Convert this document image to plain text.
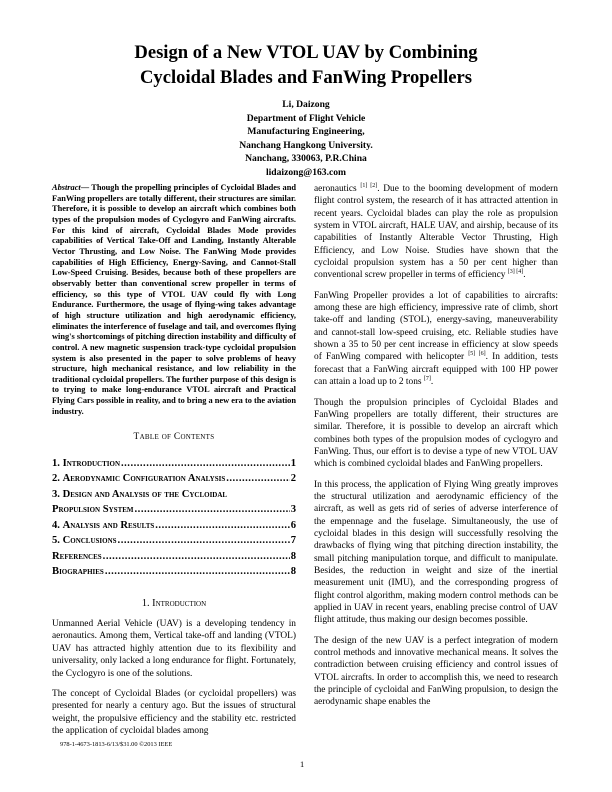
Design of a New VTOL UAV by Combining
Cycloidal Blades and FanWing Propellers
Li, Daizong
Department of Flight Vehicle
Manufacturing Engineering,
Nanchang Hangkong University.
Nanchang, 330063, P.R.China
lidaizong@163.com

Abstract— Though the propelling principles of Cycloidal Blades and FanWing propellers are totally different, their structures are similar. Therefore, it is possible to develop an aircraft which combines both types of the propulsion modes of Cyclogyro and FanWing aircrafts. For this kind of aircraft, Cycloidal Blades Mode provides capabilities of Vertical Take-Off and Landing, Instantly Alterable Vector Thrusting, and Low Noise. The FanWing Mode provides capabilities of High Efficiency, Energy-Saving, and Cannot-Stall Low-Speed Cruising. Besides, because both of these propellers are observably better than conventional screw propeller in terms of efficiency, so this type of VTOL UAV could fly with Long Endurance. Furthermore, the usage of flying-wing takes advantage of high structure utilization and high aerodynamic efficiency, eliminates the interference of fuselage and tail, and overcomes flying wing's shortcomings of pitching direction instability and difficulty of control. A new magnetic suspension track-type cycloidal propulsion system is also presented in the paper to solve problems of heavy structure, high mechanical resistance, and low reliability in the traditional cycloidal propellers. The further purpose of this design is to trying to make long-endurance VTOL aircraft and Practical Flying Cars possible in reality, and to bring a new era to the aviation industry.

Table of Contents
1. Introduction .....	1
2. Aerodynamic Configuration Analysis .....	2
3. Design and Analysis of the Cycloidal
Propulsion System .....	3
4. Analysis and Results .....	6
5. Conclusions .....	7
References .....	8
Biographies .....	8
1. Introduction

Unmanned Aerial Vehicle (UAV) is a developing tendency in aeronautics. Among them, Vertical take-off and landing (VTOL) UAV has attracted highly attention due to its flexibility and universality, only lacked a long endurance for flight. Fortunately, the Cyclogyro is one of the solutions.

The concept of Cycloidal Blades (or cycloidal propellers) was presented for nearly a century ago. But the issues of structural weight, the propulsive efficiency and the stability etc. restricted the application of cycloidal blades among

aeronautics [1] [2]. Due to the booming development of modern flight control system, the research of it has attracted attention in recent years. Cycloidal blades can play the role as propulsion system in VTOL aircraft, HALE UAV, and airship, because of its capabilities of Instantly Alterable Vector Thrusting, High Efficiency, and Low Noise. Studies have shown that the cycloidal propulsion system has a 50 per cent higher than conventional screw propeller in terms of efficiency [3] [4].

FanWing Propeller provides a lot of capabilities to aircrafts: among these are high efficiency, impressive rate of climb, short take-off and landing (STOL), energy-saving, maneuverability and cannot-stall low-speed cruising, etc. Reliable studies have shown a 35 to 50 per cent increase in efficiency at slow speeds of FanWing compared with helicopter [5] [6]. In addition, tests forecast that a FanWing aircraft equipped with 100 HP power can attain a load up to 2 tons [7].

Though the propulsion principles of Cycloidal Blades and FanWing propellers are totally different, their structures are similar. Therefore, it is possible to develop an aircraft which combines both types of the propulsion modes of cyclogyro and FanWing. Thus, our effort is to devise a type of new VTOL UAV which is combined cycloidal blades and FanWing propellers.

In this process, the application of Flying Wing greatly improves the structural utilization and aerodynamic efficiency of the aircraft, as well as gets rid of series of adverse interference of the empennage and the fuselage. Simultaneously, the use of cycloidal blades in this design will successfully resolving the drawbacks of flying wing that pitching direction instability, the small pitching manipulation torque, and difficult to manipulate. Besides, the reduction in weight and size of the inertial measurement unit (IMU), and the corresponding progress of flight control algorithm, making modern control methods can be applied in UAV in recent years, enabling precise control of UAV flight attitude, thus making our design becomes possible.

The design of the new UAV is a perfect integration of modern control methods and innovative mechanical means. It solves the contradiction between cruising efficiency and control issues of VTOL aircrafts. In order to accomplish this, we need to research the principle of cycloidal and FanWing propulsion, to design the aerodynamic shape enables the

978-1-4673-1813-6/13/$31.00 ©2013 IEEE
1
